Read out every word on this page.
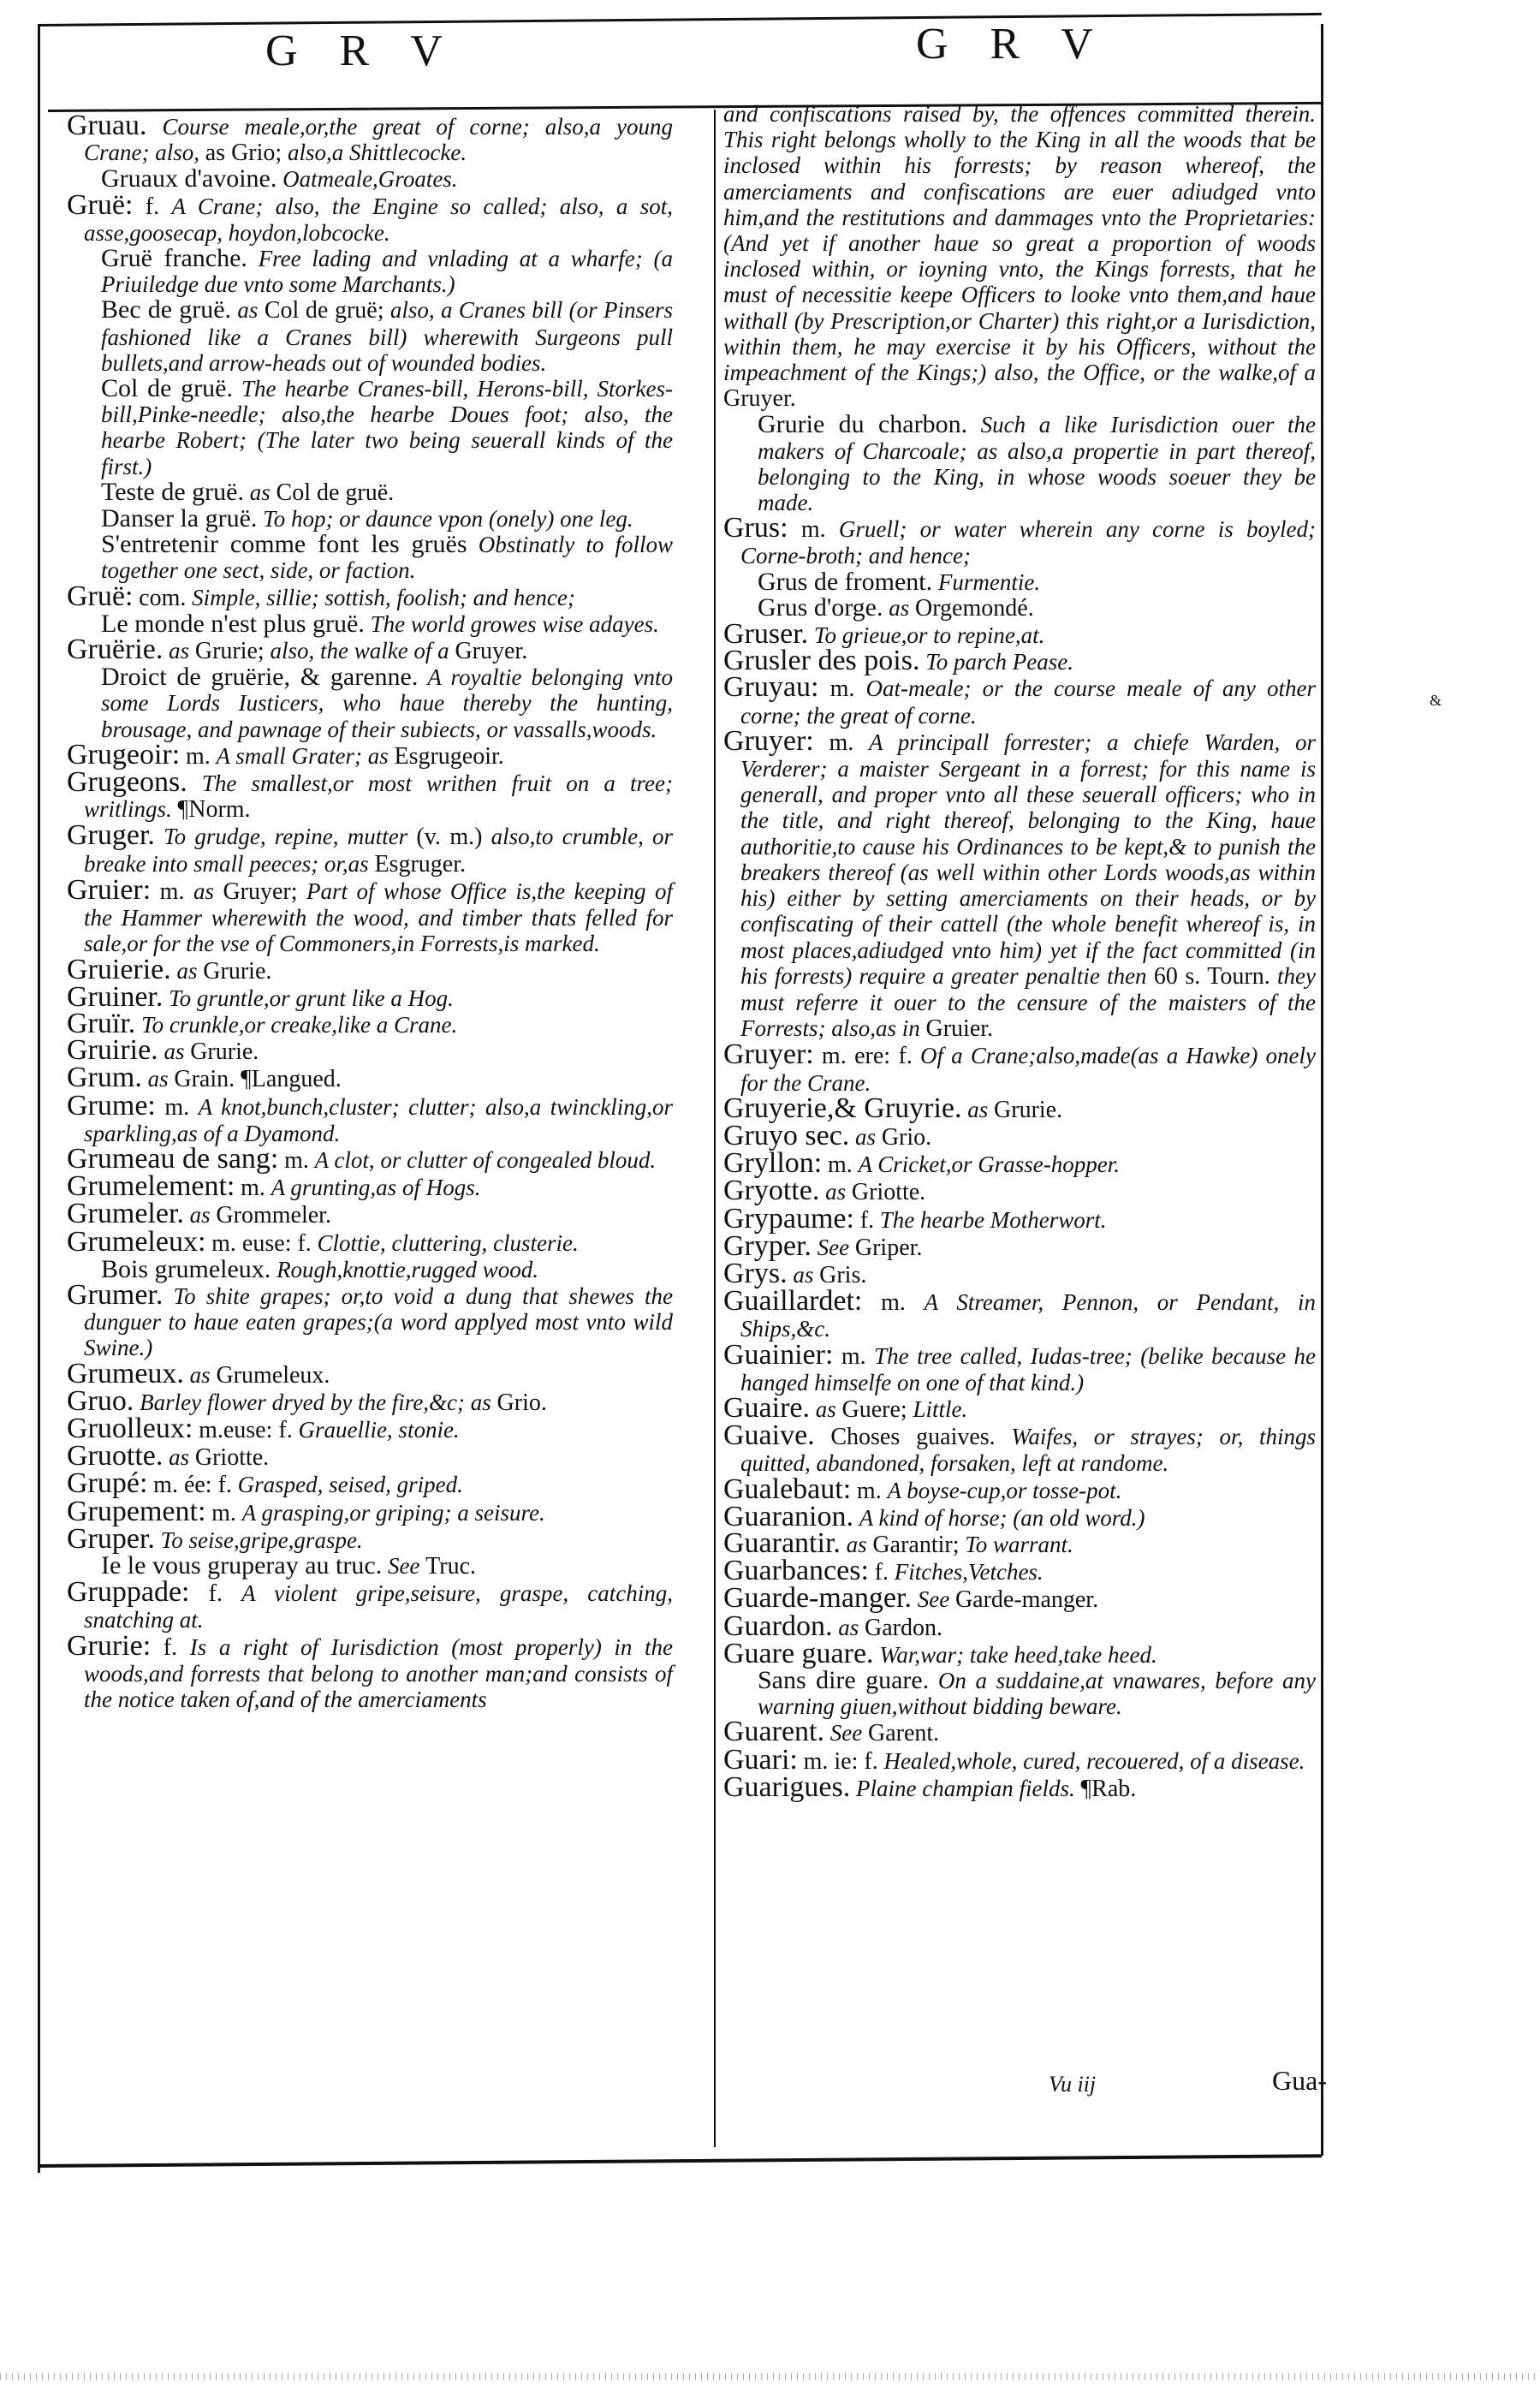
G R V	G R V

Gruau. Course meale,or,the great of corne; also,a young Crane; also, as Grio; also,a Shittlecocke.

Gruaux d'avoine. Oatmeale,Groates.

Gruë: f. A Crane; also, the Engine so called; also, a sot, asse,goosecap, hoydon,lobcocke.

Gruë franche. Free lading and vnlading at a wharfe; (a Priuiledge due vnto some Marchants.)

Bec de gruë. as Col de gruë; also, a Cranes bill (or Pinsers fashioned like a Cranes bill) wherewith Surgeons pull bullets,and arrow-heads out of wounded bodies.

Col de gruë. The hearbe Cranes-bill, Herons-bill, Storkes-bill,Pinke-needle; also,the hearbe Doues foot; also, the hearbe Robert; (The later two being seuerall kinds of the first.)

Teste de gruë. as Col de gruë.

Danser la gruë. To hop; or daunce vpon (onely) one leg.

S'entretenir comme font les gruës Obstinatly to follow together one sect, side, or faction.

Gruë: com. Simple, sillie; sottish, foolish; and hence;

Le monde n'est plus gruë. The world growes wise adayes.

Gruërie. as Grurie; also, the walke of a Gruyer.

Droict de gruërie, & garenne. A royaltie belonging vnto some Lords Iusticers, who haue thereby the hunting, brousage, and pawnage of their subiects, or vassalls,woods.

Grugeoir: m. A small Grater; as Esgrugeoir.

Grugeons. The smallest,or most writhen fruit on a tree; writlings. ¶Norm.

Gruger. To grudge, repine, mutter (v. m.) also,to crumble, or breake into small peeces; or,as Esgruger.

Gruier: m. as Gruyer; Part of whose Office is,the keeping of the Hammer wherewith the wood, and timber thats felled for sale,or for the vse of Commoners,in Forrests,is marked.

Gruierie. as Grurie.

Gruiner. To gruntle,or grunt like a Hog.

Gruïr. To crunkle,or creake,like a Crane.

Gruirie. as Grurie.

Grum. as Grain. ¶Langued.

Grume: m. A knot,bunch,cluster; clutter; also,a twinckling,or sparkling,as of a Dyamond.

Grumeau de sang: m. A clot, or clutter of congealed bloud.

Grumelement: m. A grunting,as of Hogs.

Grumeler. as Grommeler.

Grumeleux: m. euse: f. Clottie, cluttering, clusterie.

Bois grumeleux. Rough,knottie,rugged wood.

Grumer. To shite grapes; or,to void a dung that shewes the dunguer to haue eaten grapes;(a word applyed most vnto wild Swine.)

Grumeux. as Grumeleux.

Gruo. Barley flower dryed by the fire,&c; as Grio.

Gruolleux: m.euse: f. Grauellie, stonie.

Gruotte. as Griotte.

Grupé: m. ée: f. Grasped, seised, griped.

Grupement: m. A grasping,or griping; a seisure.

Gruper. To seise,gripe,graspe.

Ie le vous gruperay au truc. See Truc.

Gruppade: f. A violent gripe,seisure, graspe, catching, snatching at.

Grurie: f. Is a right of Iurisdiction (most properly) in the woods,and forrests that belong to another man;and consists of the notice taken of,and of the amerciaments

and confiscations raised by, the offences committed therein. This right belongs wholly to the King in all the woods that be inclosed within his forrests; by reason whereof, the amerciaments and confiscations are euer adiudged vnto him,and the restitutions and dammages vnto the Proprietaries: (And yet if another haue so great a proportion of woods inclosed within, or ioyning vnto, the Kings forrests, that he must of necessitie keepe Officers to looke vnto them,and haue withall (by Prescription,or Charter) this right,or a Iurisdiction, within them, he may exercise it by his Officers, without the impeachment of the Kings;) also, the Office, or the walke,of a Gruyer.

Grurie du charbon. Such a like Iurisdiction ouer the makers of Charcoale; as also,a propertie in part thereof, belonging to the King, in whose woods soeuer they be made.

Grus: m. Gruell; or water wherein any corne is boyled; Corne-broth; and hence;

Grus de froment. Furmentie.

Grus d'orge. as Orgemondé.

Gruser. To grieue,or to repine,at.

Grusler des pois. To parch Pease.

Gruyau: m. Oat-meale; or the course meale of any other corne; the great of corne.

Gruyer: m. A principall forrester; a chiefe Warden, or Verderer; a maister Sergeant in a forrest; for this name is generall, and proper vnto all these seuerall officers; who in the title, and right thereof, belonging to the King, haue authoritie,to cause his Ordinances to be kept,& to punish the breakers thereof (as well within other Lords woods,as within his) either by setting amerciaments on their heads, or by confiscating of their cattell (the whole benefit whereof is, in most places,adiudged vnto him) yet if the fact committed (in his forrests) require a greater penaltie then 60 s. Tourn. they must referre it ouer to the censure of the maisters of the Forrests; also,as in Gruier.

Gruyer: m. ere: f. Of a Crane;also,made(as a Hawke) onely for the Crane.

Gruyerie,& Gruyrie. as Grurie.

Gruyo sec. as Grio.

Gryllon: m. A Cricket,or Grasse-hopper.

Gryotte. as Griotte.

Grypaume: f. The hearbe Motherwort.

Gryper. See Griper.

Grys. as Gris.

Guaillardet: m. A Streamer, Pennon, or Pendant, in Ships,&c.

Guainier: m. The tree called, Iudas-tree; (belike because he hanged himselfe on one of that kind.)

Guaire. as Guere; Little.

Guaive. Choses guaives. Waifes, or strayes; or, things quitted, abandoned, forsaken, left at randome.

Gualebaut: m. A boyse-cup,or tosse-pot.

Guaranion. A kind of horse; (an old word.)

Guarantir. as Garantir; To warrant.

Guarbances: f. Fitches,Vetches.

Guarde-manger. See Garde-manger.

Guardon. as Gardon.

Guare guare. War,war; take heed,take heed.

Sans dire guare. On a suddaine,at vnawares, before any warning giuen,without bidding beware.

Guarent. See Garent.

Guari: m. ie: f. Healed,whole, cured, recouered, of a disease.

Guarigues. Plaine champian fields. ¶Rab.

Vu iij	Gua-
&
